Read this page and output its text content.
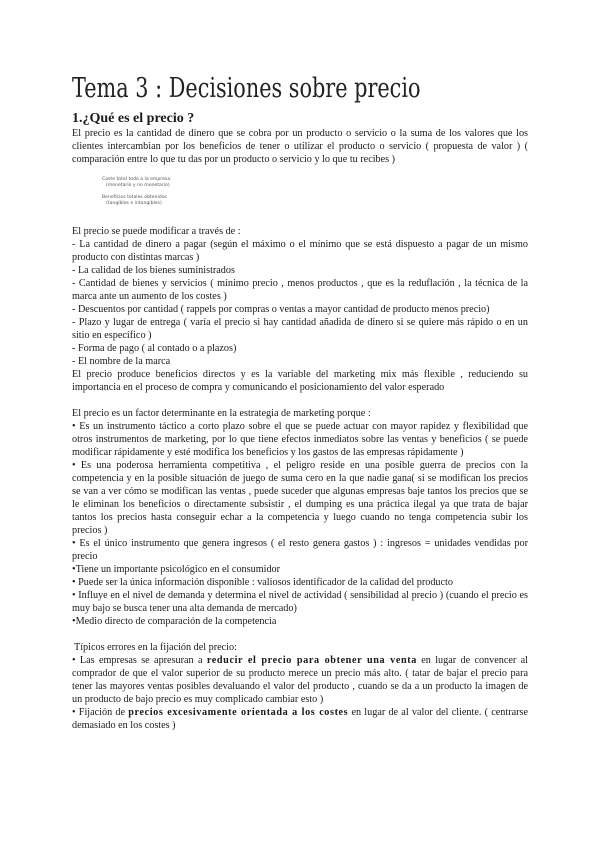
Tema 3 : Decisiones sobre precio
1.¿Qué es el precio ?

El precio es la cantidad de dinero que se cobra por un producto o servicio o la suma de los valores que los clientes intercambian por los beneficios de tener o utilizar el producto o servicio ( propuesta de valor ) ( comparación entre lo que tu das por un producto o servicio y lo que tu recibes )

Coste total todo a la empresa
(monetario y no monetario)
Beneficios totales obtenidos
(tangibles e intangibles)

El precio se puede modificar a través de :

- La cantidad de dinero a pagar (según el máximo o el mínimo que se está dispuesto a pagar de un mismo producto con distintas marcas )

- La calidad de los bienes suministrados

- Cantidad de bienes y servicios ( mínimo precio , menos productos , que es la reduflación , la técnica de la marca ante un aumento de los costes )

- Descuentos por cantidad ( rappels por compras o ventas a mayor cantidad de producto menos precio)

- Plazo y lugar de entrega ( varía el precio si hay cantidad añadida de dinero si se quiere más rápido o en un sitio en específico )

- Forma de pago ( al contado o a plazos)

- El nombre de la marca

El precio produce beneficios directos y es la variable del marketing mix más flexible , reduciendo su importancia en el proceso de compra y comunicando el posicionamiento del valor esperado

El precio es un factor determinante en la estrategia de marketing porque :

• Es un instrumento táctico a corto plazo sobre el que se puede actuar con mayor rapidez y flexibilidad que otros instrumentos de marketing, por lo que tiene efectos inmediatos sobre las ventas y beneficios ( se puede modificar rápidamente y esté modifica los beneficios y los gastos de las empresas rápidamente )

• Es una poderosa herramienta competitiva , el peligro reside en una posible guerra de precios con la competencia y en la posible situación de juego de suma cero en la que nadie gana( si se modifican los precios se van a ver cómo se modifican las ventas , puede suceder que algunas empresas baje tantos los precios que se le eliminan los beneficios o directamente subsistir , el dumping es una práctica ilegal ya que trata de bajar tantos los precios hasta conseguir echar a la competencia y luego cuando no tenga competencia subir los precios )

• Es el único instrumento que genera ingresos ( el resto genera gastos ) : ingresos = unidades vendidas por precio

•Tiene un importante psicológico en el consumidor

• Puede ser la única información disponible : valiosos identificador de la calidad del producto

• Influye en el nivel de demanda y determina el nivel de actividad ( sensibilidad al precio ) (cuando el precio es muy bajo se busca tener una alta demanda de mercado)

•Medio directo de comparación de la competencia

Típicos errores en la fijación del precio:

• Las empresas se apresuran a reducir el precio para obtener una venta en lugar de convencer al comprador de que el valor superior de su producto merece un precio más alto. ( tatar de bajar el precio para tener las mayores ventas posibles devaluando el valor del producto , cuando se da a un producto la imagen de un producto de bajo precio es muy complicado cambiar esto )

• Fijación de precios excesivamente orientada a los costes en lugar de al valor del cliente. ( centrarse demasiado en los costes )
